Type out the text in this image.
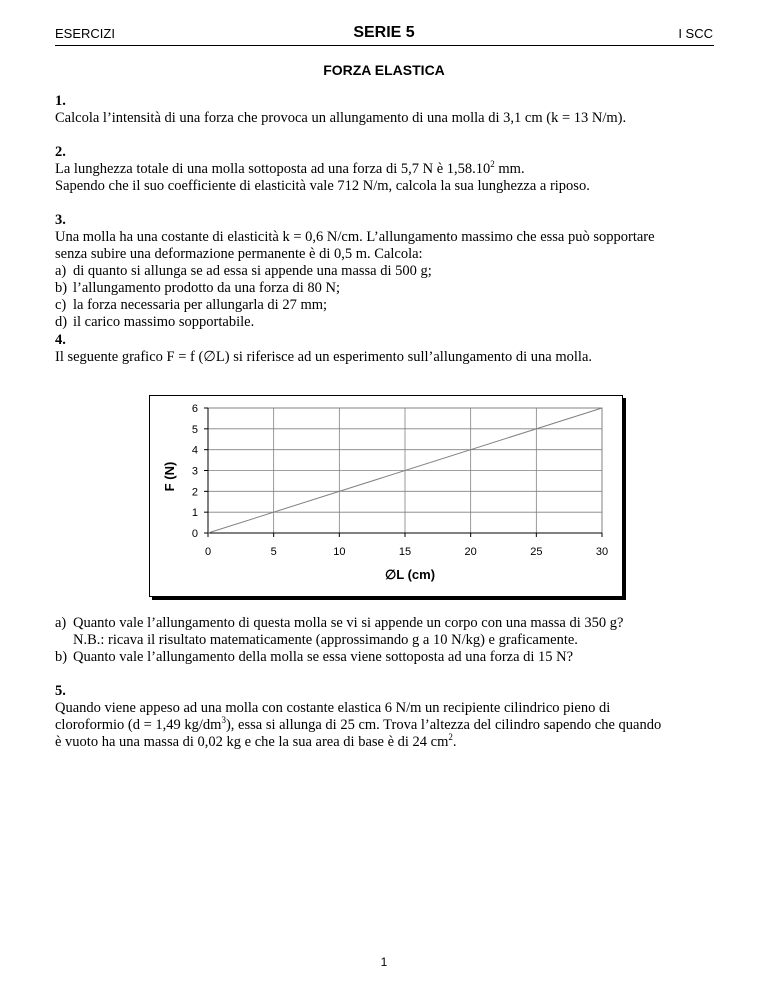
ESERCIZI	SERIE 5	I SCC
FORZA ELASTICA
1.
Calcola l’intensità di una forza che provoca un allungamento di una molla di 3,1 cm (k = 13 N/m).
2.
La lunghezza totale di una molla sottoposta ad una forza di 5,7 N è 1,58.10$^2$ mm.
Sapendo che il suo coefficiente di elasticità vale 712 N/m, calcola la sua lunghezza a riposo.
3.
Una molla ha una costante di elasticità k = 0,6 N/cm. L’allungamento massimo che essa può sopportare
senza subire una deformazione permanente è di 0,5 m. Calcola:
a) di quanto si allunga se ad essa si appende una massa di 500 g;
b) l’allungamento prodotto da una forza di 80 N;
c) la forza necessaria per allungarla di 27 mm;
d) il carico massimo sopportabile.
4.
Il seguente grafico F = f (∅L) si riferisce ad un esperimento sull’allungamento di una molla.
a) Quanto vale l’allungamento di questa molla se vi si appende un corpo con una massa di 350 g?
N.B.: ricava il risultato matematicamente (approssimando g a 10 N/kg) e graficamente.
b) Quanto vale l’allungamento della molla se essa viene sottoposta ad una forza di 15 N?
5.
Quando viene appeso ad una molla con costante elastica 6 N/m un recipiente cilindrico pieno di
cloroformio (d = 1,49 $kg/dm^3$), essa si allunga di 25 cm. Trova l’altezza del cilindro sapendo che quando
è vuoto ha una massa di 0,02 kg e che la sua area di base è di 24 $cm^2$.
0	5	10	15	20	25	30
0
1
2
3
4
5
6
∅L (cm)
F (N)
1
